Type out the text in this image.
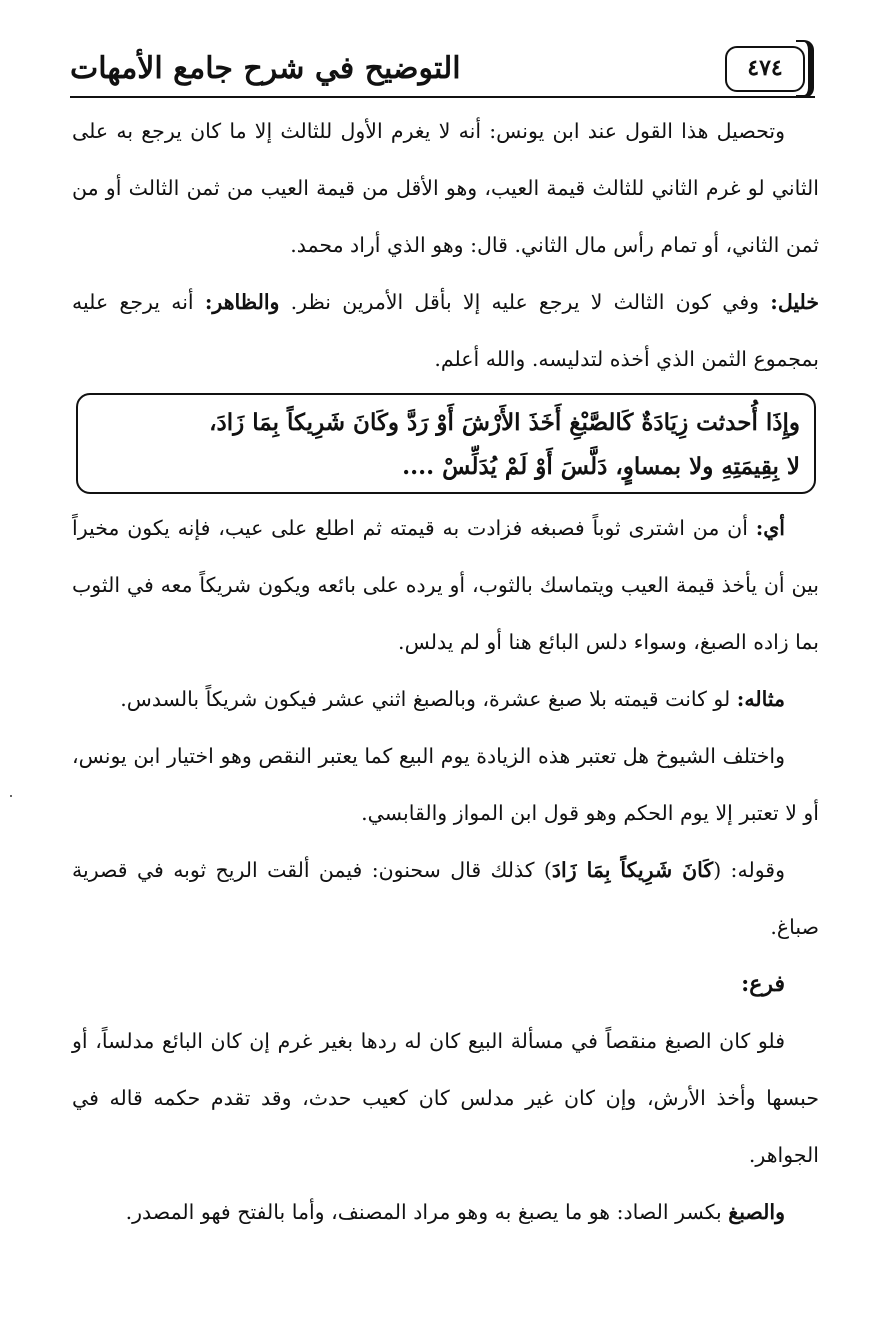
٤٧٤
التوضيح في شرح جامع الأمهات

وتحصيل هذا القول عند ابن يونس: أنه لا يغرم الأول للثالث إلا ما كان يرجع به على الثاني لو غرم الثاني للثالث قيمة العيب، وهو الأقل من قيمة العيب من ثمن الثالث أو من ثمن الثاني، أو تمام رأس مال الثاني. قال: وهو الذي أراد محمد.

خليل: وفي كون الثالث لا يرجع عليه إلا بأقل الأمرين نظر. والظاهر: أنه يرجع عليه بمجموع الثمن الذي أخذه لتدليسه. والله أعلم.

وإِذَا أُحدثت زِيَادَةٌ كَالصَّبْغِ أَخَذَ الأَرْشَ أَوْ رَدَّ وكَانَ شَرِيكاً بِمَا زَادَ،

لا بِقِيمَتِهِ ولا بمساوٍ، دَلَّسَ أَوْ لَمْ يُدَلِّسْ ....

أي: أن من اشترى ثوباً فصبغه فزادت به قيمته ثم اطلع على عيب، فإنه يكون مخيراً بين أن يأخذ قيمة العيب ويتماسك بالثوب، أو يرده على بائعه ويكون شريكاً معه في الثوب بما زاده الصبغ، وسواء دلس البائع هنا أو لم يدلس.

مثاله: لو كانت قيمته بلا صبغ عشرة، وبالصبغ اثني عشر فيكون شريكاً بالسدس.

واختلف الشيوخ هل تعتبر هذه الزيادة يوم البيع كما يعتبر النقص وهو اختيار ابن يونس، أو لا تعتبر إلا يوم الحكم وهو قول ابن المواز والقابسي.

وقوله: (كَانَ شَرِيكاً بِمَا زَادَ) كذلك قال سحنون: فيمن ألقت الريح ثوبه في قصرية صباغ.

فرع:

فلو كان الصبغ منقصاً في مسألة البيع كان له ردها بغير غرم إن كان البائع مدلساً، أو حبسها وأخذ الأرش، وإن كان غير مدلس كان كعيب حدث، وقد تقدم حكمه قاله في الجواهر.

والصبغ بكسر الصاد: هو ما يصبغ به وهو مراد المصنف، وأما بالفتح فهو المصدر.
